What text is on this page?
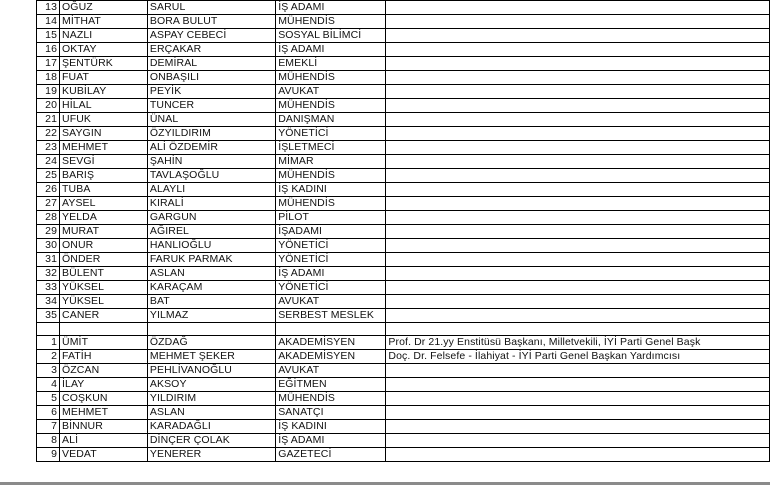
13	OĞUZ	SARUL	İŞ ADAMI	
14	MİTHAT	BORA BULUT	MÜHENDİS	
15	NAZLI	ASPAY CEBECİ	SOSYAL BİLİMCİ	
16	OKTAY	ERÇAKAR	İŞ ADAMI	
17	ŞENTÜRK	DEMİRAL	EMEKLİ	
18	FUAT	ONBAŞILI	MÜHENDİS	
19	KUBİLAY	PEYİK	AVUKAT	
20	HİLAL	TUNCER	MÜHENDİS	
21	UFUK	ÜNAL	DANIŞMAN	
22	SAYGIN	ÖZYILDIRIM	YÖNETİCİ	
23	MEHMET	ALİ ÖZDEMİR	İŞLETMECİ	
24	SEVGİ	ŞAHİN	MİMAR	
25	BARIŞ	TAVLAŞOĞLU	MÜHENDİS	
26	TUBA	ALAYLI	İŞ KADINI	
27	AYSEL	KIRALİ	MÜHENDİS	
28	YELDA	GARGUN	PİLOT	
29	MURAT	AĞIREL	İŞADAMI	
30	ONUR	HANLIOĞLU	YÖNETİCİ	
31	ÖNDER	FARUK PARMAK	YÖNETİCİ	
32	BÜLENT	ASLAN	İŞ ADAMI	
33	YÜKSEL	KARAÇAM	YÖNETİCİ	
34	YÜKSEL	BAT	AVUKAT	
35	CANER	YILMAZ	SERBEST MESLEK	

1	ÜMİT	ÖZDAĞ	AKADEMİSYEN	Prof. Dr 21.yy Enstitüsü Başkanı, Milletvekili, İYİ Parti Genel Başk
2	FATİH	MEHMET ŞEKER	AKADEMİSYEN	Doç. Dr. Felsefe - İlahiyat - İYİ Parti Genel Başkan Yardımcısı
3	ÖZCAN	PEHLİVANOĞLU	AVUKAT	
4	İLAY	AKSOY	EĞİTMEN	
5	COŞKUN	YILDIRIM	MÜHENDİS	
6	MEHMET	ASLAN	SANATÇI	
7	BİNNUR	KARADAĞLI	İŞ KADINI	
8	ALİ	DİNÇER ÇOLAK	İŞ ADAMI	
9	VEDAT	YENERER	GAZETECİ	
